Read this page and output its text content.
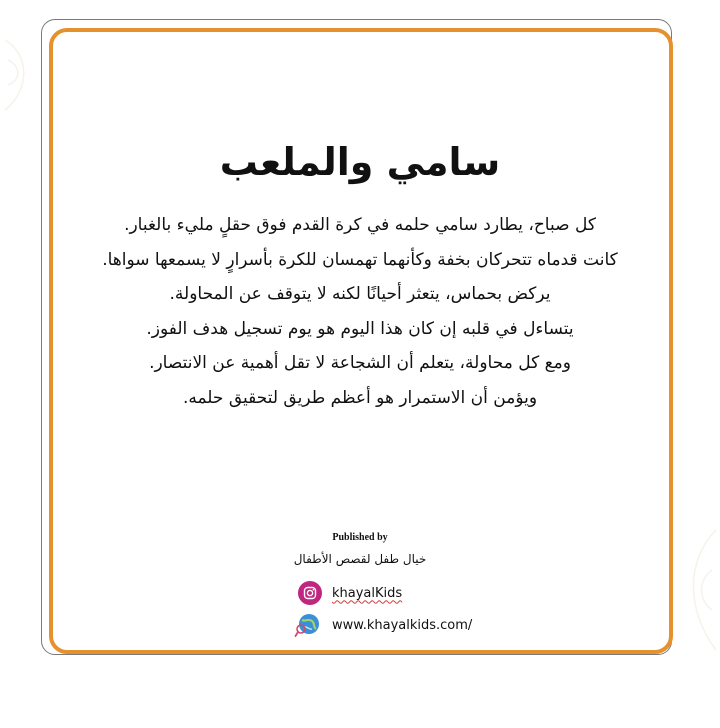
سامي والملعب
كل صباح، يطارد سامي حلمه في كرة القدم فوق حقلٍ مليء بالغبار.
كانت قدماه تتحركان بخفة وكأنهما تهمسان للكرة بأسرارٍ لا يسمعها سواها.
يركض بحماس، يتعثر أحيانًا لكنه لا يتوقف عن المحاولة.
يتساءل في قلبه إن كان هذا اليوم هو يوم تسجيل هدف الفوز.
ومع كل محاولة، يتعلم أن الشجاعة لا تقل أهمية عن الانتصار.
ويؤمن أن الاستمرار هو أعظم طريق لتحقيق حلمه.
Published by
خيال طفل لقصص الأطفال
khayalKids
www.khayalkids.com/
